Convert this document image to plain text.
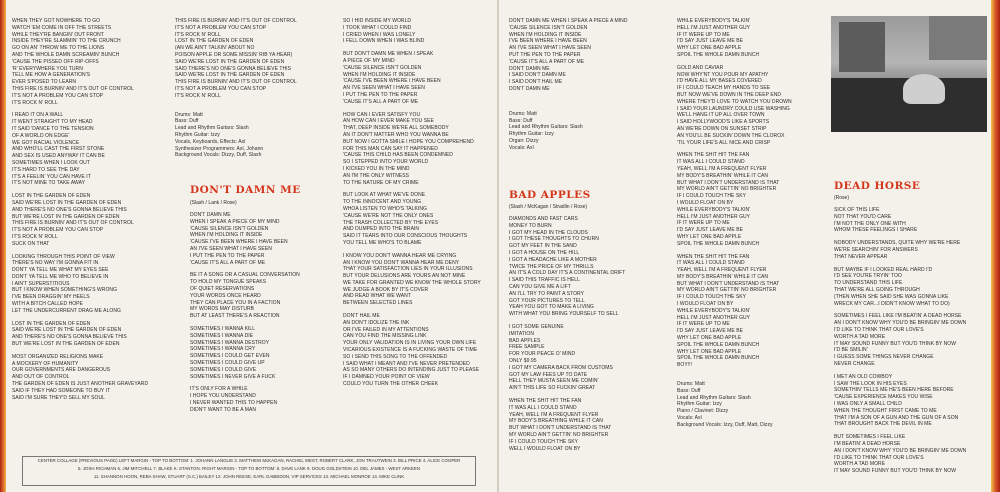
WHEN THEY GOT NOWHERE TO GO
WATCH 'EM COME IN OFF THE STREETS
WHILE THEY'RE BANGIN' OUT FRONT
INSIDE THEY'RE SLAMMIN' TO THE CRUNCH
GO ON AN' THROW ME TO THE LIONS
AND THE WHOLE DAMN SCREAMIN' BUNCH
'CAUSE THE PISSED OFF RIP-OFFS
'R' EVERYWHERE YOU TURN
TELL ME HOW A GENERATION'S
EVER S'POSED TO LEARN
THIS FIRE IS BURNIN' AND IT'S OUT OF CONTROL
IT'S NOT A PROBLEM YOU CAN STOP
IT'S ROCK N' ROLL
I READ IT ON A WALL
IT WENT STRAIGHT TO MY HEAD
IT SAID 'DANCE TO THE TENSION
OF A WORLD ON EDGE'
WE GOT RACIAL VIOLENCE
AND WHO'LL CAST THE FIRST STONE
AND SEX IS USED ANYWAY IT CAN BE
SOMETIMES WHEN I LOOK OUT
IT'S HARD TO SEE THE DAY
IT'S A FEELIN' YOU CAN HAVE IT
IT'S NOT MINE TO TAKE AWAY
LOST IN THE GARDEN OF EDEN
SAID WE'RE LOST IN THE GARDEN OF EDEN
AND THERE'S NO ONE'S GONNA BELIEVE THIS
BUT WE'RE LOST IN THE GARDEN OF EDEN
THIS FIRE IS BURNIN' AND IT'S OUT OF CONTROL
IT'S NOT A PROBLEM YOU CAN STOP
IT'S ROCK N' ROLL
SUCK ON THAT
LOOKING THROUGH THIS POINT OF VIEW
THERE'S NO WAY I'M GONNA FIT IN
DON'T YA TELL ME WHAT MY EYES SEE
DON'T YA TELL ME WHO TO BELIEVE IN
I AIN'T SUPERSTITIOUS
BUT I KNOW WHEN SOMETHING'S WRONG
I'VE BEEN DRAGGIN' MY HEELS
WITH A BITCH CALLED HOPE
LET THE UNDERCURRENT DRAG ME ALONG
LOST IN THE GARDEN OF EDEN
SAID WE'RE LOST IN THE GARDEN OF EDEN
AND THERE'S NO ONE'S GONNA BELIEVE THIS
BUT WE'RE LOST IN THE GARDEN OF EDEN
MOST ORGANIZED RELIGIONS MAKE
A MOCKERY OF HUMANITY
OUR GOVERNMENTS ARE DANGEROUS
AND OUT OF CONTROL
THE GARDEN OF EDEN IS JUST ANOTHER GRAVEYARD
SAID IF THEY HAD SOMEONE TO BUY IT
SAID I'M SURE THEY'D SELL MY SOUL
THIS FIRE IS BURNIN' AND IT'S OUT OF CONTROL
IT'S NOT A PROBLEM YOU CAN STOP
IT'S ROCK N' ROLL
LOST IN THE GARDEN OF EDEN
(AN WE AIN'T TALKIN' ABOUT NO
POISON APPLE OR SOME MISSIN' RIB YA HEAR)
SAID WE'RE LOST IN THE GARDEN OF EDEN
SAID THERE'S NO ONE'S GONNA BELIEVE THIS
SAID WE'RE LOST IN THE GARDEN OF EDEN
THIS FIRE IS BURNIN' AND IT'S OUT OF CONTROL
IT'S NOT A PROBLEM YOU CAN STOP
IT'S ROCK N' ROLL
Drums: Matt
Bass: Duff
Lead and Rhythm Guitars: Slash
Rhythm Guitar: Izzy
Vocals, Keyboards, Effects: Axl
Synthesizer Programmers: Axl, Johann
Background Vocals: Dizzy, Duff, Slash
DON'T DAMN ME
(Slash / Lank / Rose)
DON'T DAMN ME
WHEN I SPEAK A PIECE OF MY MIND
'CAUSE SILENCE ISN'T GOLDEN
WHEN I'M HOLDING IT INSIDE
'CAUSE I'VE BEEN WHERE I HAVE BEEN
AN I'VE SEEN WHAT I HAVE SEEN
I PUT THE PEN TO THE PAPER
'CAUSE IT'S ALL A PART OF ME
BE IT A SONG OR A CASUAL CONVERSATION
TO HOLD MY TONGUE SPEAKS
OF QUIET RESERVATIONS
YOUR WORDS ONCE HEARD
THEY CAN PLACE YOU IN A FACTION
MY WORDS MAY DISTURB
BUT AT LEAST THERE'S A REACTION
SOMETIMES I WANNA KILL
SOMETIMES I WANNA DIE
SOMETIMES I WANNA DESTROY
SOMETIMES I WANNA CRY
SOMETIMES I COULD GET EVEN
SOMETIMES I COULD GIVE UP
SOMETIMES I COULD GIVE
SOMETIMES I NEVER GIVE A FUCK
IT'S ONLY FOR A WHILE
I HOPE YOU UNDERSTAND
I NEVER WANTED THIS TO HAPPEN
DIDN'T WANT TO BE A MAN
SO I HID INSIDE MY WORLD
I TOOK WHAT I COULD FIND
I CRIED WHEN I WAS LONELY
I FELL DOWN WHEN I WAS BLIND
BUT DON'T DAMN ME WHEN I SPEAK
A PIECE OF MY MIND
'CAUSE SILENCE ISN'T GOLDEN
WHEN I'M HOLDING IT INSIDE
'CAUSE I'VE BEEN WHERE I HAVE BEEN
AN I'VE SEEN WHAT I HAVE SEEN
I PUT THE PEN TO THE PAPER
'CAUSE IT'S ALL A PART OF ME
HOW CAN I EVER SATISFY YOU
AN HOW CAN I EVER MAKE YOU SEE
THAT, DEEP INSIDE WE'RE ALL SOMEBODY
AN IT DON'T MATTER WHO YOU WANNA BE
BUT NOW I GOTTA SMILE I HOPE YOU COMPREHEND
FOR THIS MAN CAN SAY IT HAPPENED
'CAUSE THIS CHILD HAS BEEN CONDEMNED
SO I STEPPED INTO YOUR WORLD
I KICKED YOU IN THE MIND
AN I'M THE ONLY WITNESS
TO THE NATURE OF MY CRIME
BUT LOOK AT WHAT WE'VE DONE
TO THE INNOCENT AND YOUNG
WHOA LISTEN TO WHO'S TALKING
'CAUSE WE'RE NOT THE ONLY ONES
THE TRASH COLLECTED BY THE EYES
AND DUMPED INTO THE BRAIN
SAID IT TEARS INTO OUR CONSCIOUS THOUGHTS
YOU TELL ME WHO'S TO BLAME
I KNOW YOU DON'T WANNA HEAR ME CRYING
AN I KNOW YOU DON'T WANNA HEAR ME DENY
THAT YOUR SATISFACTION LIES IN YOUR ILLUSIONS
BUT YOUR DELUSIONS ARE YOURS AN NOT MINE
WE TAKE FOR GRANTED WE KNOW THE WHOLE STORY
WE JUDGE A BOOK BY IT'S COVER
AND READ WHAT WE WANT
BETWEEN SELECTED LINES
DON'T HAIL ME
AN DON'T IDOLIZE THE INK
OR I'VE FAILED IN MY ATTENTIONS
CAN YOU FIND THE MISSING LINK
YOUR ONLY VALIDATION IS IN LIVING YOUR OWN LIFE
VICARIOUS EXISTENCE IS A FUCKING WASTE OF TIME
SO I SEND THIS SONG TO THE OFFENDED
I SAID WHAT I MEANT AND I'VE NEVER PRETENDED
AS SO MANY OTHERS DO INTENDING JUST TO PLEASE
IF I DAMNED YOUR POINT OF VIEW
COULD YOU TURN THE OTHER CHEEK
CENTER COLLAGE (PREVIOUS PAGE) LEFT MARGIN - TOP TO BOTTOM: 1. JOHANN LANGLIE 2. MATTHEW McKAGAN, RACHEL WEST, ROBERT CLARK, JON TRAUTWEIN 3. BILL PRICE 4. ALICE COOPER
5. JOSH RICHMAN 6. JIM MITCHELL 7. BLAKE K. STANTON. RIGHT MARGIN - TOP TO BOTTOM: 8. DAVE LANK 9. DOUG GOLDSTEIN 10. DEL JAMES - WEST ARKEEN
11. SHANNON HOON, REBA SHAW, STUART (S.C.) BAILEY 12. JOHN REESE, EARL GABBIDON, VIP SERVICES 13. MICHAEL MONROE 14. MIKE CLINK
DON'T DAMN ME WHEN I SPEAK A PIECE A MIND
'CAUSE SILENCE ISN'T GOLDEN
WHEN I'M HOLDING IT INSIDE
I'VE BEEN WHERE I HAVE BEEN
AN I'VE SEEN WHAT I HAVE SEEN
PUT THE PEN TO THE PAPER
'CAUSE IT'S ALL A PART OF ME
DON'T DAMN ME
I SAID DON'T DAMN ME
I SAID DON'T HAIL ME
DON'T DAMN ME
Drums: Matt
Bass: Duff
Lead and Rhythm Guitars: Slash
Rhythm Guitar: Izzy
Organ: Dizzy
Vocals: Axl
BAD APPLES
(Slash / McKagan / Stradlin / Rose)
DIAMONDS AND FAST CARS
MONEY TO BURN
I GOT MY HEAD IN THE CLOUDS
I GOT THESE THOUGHTS TO CHURN
GOT MY FEET IN THE SAND
I GOT A HOUSE ON THE HILL
I GOT A HEADACHE LIKE A MOTHER
TWICE THE PRICE OF MY THRILLS
AN IT'S A COLD DAY IT'S A CONTINENTAL DRIFT
I SAID THIS TRAFFIC IS HELL
CAN YOU GIVE ME A LIFT
AN I'LL TRY TO PAINT A STORY
GOT YOUR PICTURES TO TELL
YEAH YOU GOT TO MAKE A LIVING
WITH WHAT YOU BRING YOURSELF TO SELL
I GOT SOME GENUINE
IMITATION
BAD APPLES
FREE SAMPLE
FOR YOUR PEACE O' MIND
ONLY $9.95
I GOT MY CAMERA BACK FROM CUSTOMS
GOT MY LAW FEES UP TO DATE
HELL THEY MUSTA SEEN ME COMIN'
AIN'T THIS LIFE SO FUCKIN' GREAT
WHEN THE SHIT HIT THE FAN
IT WAS ALL I COULD STAND
YEAH, WELL I'M A FREQUENT FLYER
MY BODY'S BREATHING WHILE IT CAN
BUT WHAT I DON'T UNDERSTAND IS THAT
MY WORLD AIN'T GETTIN' NO BRIGHTER
IF I COULD TOUCH THE SKY
WELL I WOULD FLOAT ON BY
WHILE EVERYBODY'S TALKIN'
HELL I'M JUST ANOTHER GUY
IF IT WERE UP TO ME
I'D SAY JUST LEAVE ME BE
WHY LET ONE BAD APPLE
SPOIL THE WHOLE DAMN BUNCH
GOLD AND CAVIAR
NOW WHY'NT YOU POUR MY APATHY
I'D HAVE ALL MY BASES COVERED
IF I COULD TEACH MY HANDS TO SEE
BUT NOW WE'VE DOWN IN THE DEEP END
WHERE THEY'D LOVE TO WATCH YOU DROWN
I SAID YOUR LAUNDRY COULD USE WASHING
WE'LL HANG IT UP ALL OVER TOWN
I SAID HOLLYWOOD'S LIKE A SPORTS
AN WE'RE DOWN ON SUNSET STRIP
AN YOU'LL BE SUCKIN' DOWN THE CLOROX
'TIL YOUR LIFE'S ALL NICE AND CRISP
WHEN THE SHIT HIT THE FAN
IT WAS ALL I COULD STAND
YEAH, WELL I'M A FREQUENT FLYER
MY BODY'S BREATHIN' WHILE IT CAN
BUT WHAT I DON'T UNDERSTAND IS THAT
MY WORLD AIN'T GETTIN' NO BRIGHTER
IF I COULD TOUCH THE SKY
I WOULD FLOAT ON BY
WHILE EVERYBODY'S TALKIN'
HELL I'M JUST ANOTHER GUY
IF IT WERE UP TO ME
I'D SAY JUST LEAVE ME BE
WHY LET ONE BAD APPLE
SPOIL THE WHOLE DAMN BUNCH
WHEN THE SHIT HIT THE FAN
IT WAS ALL I COULD STAND
YEAH, WELL I'M A FREQUENT FLYER
MY BODY'S BREATHIN' WHILE IT CAN
BUT WHAT I DON'T UNDERSTAND IS THAT
MY WORLD AIN'T GETTIN' NO BRIGHTER
IF I COULD TOUCH THE SKY
I WOULD FLOAT ON BY
WHILE EVERYBODY'S TALKIN'
HELL I'M JUST ANOTHER GUY
IF IT WERE UP TO ME
I'D SAY JUST LEAVE ME BE
WHY LET ONE BAD APPLE
SPOIL THE WHOLE DAMN BUNCH
WHY LET ONE BAD APPLE
SPOIL THE WHOLE DAMN BUNCH
BOY!!!
Drums: Matt
Bass: Duff
Lead and Rhythm Guitars: Slash
Rhythm Guitar: Izzy
Piano / Clavinet: Dizzy
Vocals: Axl
Background Vocals: Izzy, Duff, Matt, Dizzy
DEAD HORSE
(Rose)
SICK OF THIS LIFE
NOT THAT YOU'D CARE
I'M NOT THE ONLY ONE WITH
WHOM THESE FEELINGS I SHARE
NOBODY UNDERSTANDS, QUITE WHY WE'RE HERE
WE'RE SEARCHIN' FOR ANSWERS
THAT NEVER APPEAR
BUT MAYBE IF I LOOKED REAL HARD I'D
I'D SEE YOU'RE TRYIN' TOO
TO UNDERSTAND THIS LIFE
THAT WE'RE ALL GOING THROUGH
(THEN WHEN SHE SAID SHE WAS GONNA LIKE
WRECK MY CAR...I DIDN'T KNOW WHAT TO DO)
SOMETIMES I FEEL LIKE I'M BEATIN' A DEAD HORSE
AN I DON'T KNOW WHY YOU'D BE BRINGIN' ME DOWN
I'D LIKE TO THINK THAT OUR LOVE'S
WORTH A TAD MORE
IT MAY SOUND FUNNY BUT YOU'D THINK BY NOW
I'D BE SMILIN'
I GUESS SOME THINGS NEVER CHANGE
NEVER CHANGE
I MET AN OLD COWBOY
I SAW THE LOOK IN HIS EYES
SOMETHIN' TELLS ME HE'S BEEN HERE BEFORE
'CAUSE EXPERIENCE MAKES YOU WISE
I WAS ONLY A SMALL CHILD
WHEN THE THOUGHT FIRST CAME TO ME
THAT I'M A SON OF A GUN AND THE GUN OF A SON
THAT BROUGHT BACK THE DEVIL IN ME
BUT SOMETIMES I FEEL LIKE
I'M BEATIN' A DEAD HORSE
AN I DON'T KNOW WHY YOU'D BE BRINGIN' ME DOWN
I'D LIKE TO THINK THAT OUR LOVE'S
WORTH A TAD MORE
IT MAY SOUND FUNNY BUT YOU'D THINK BY NOW
